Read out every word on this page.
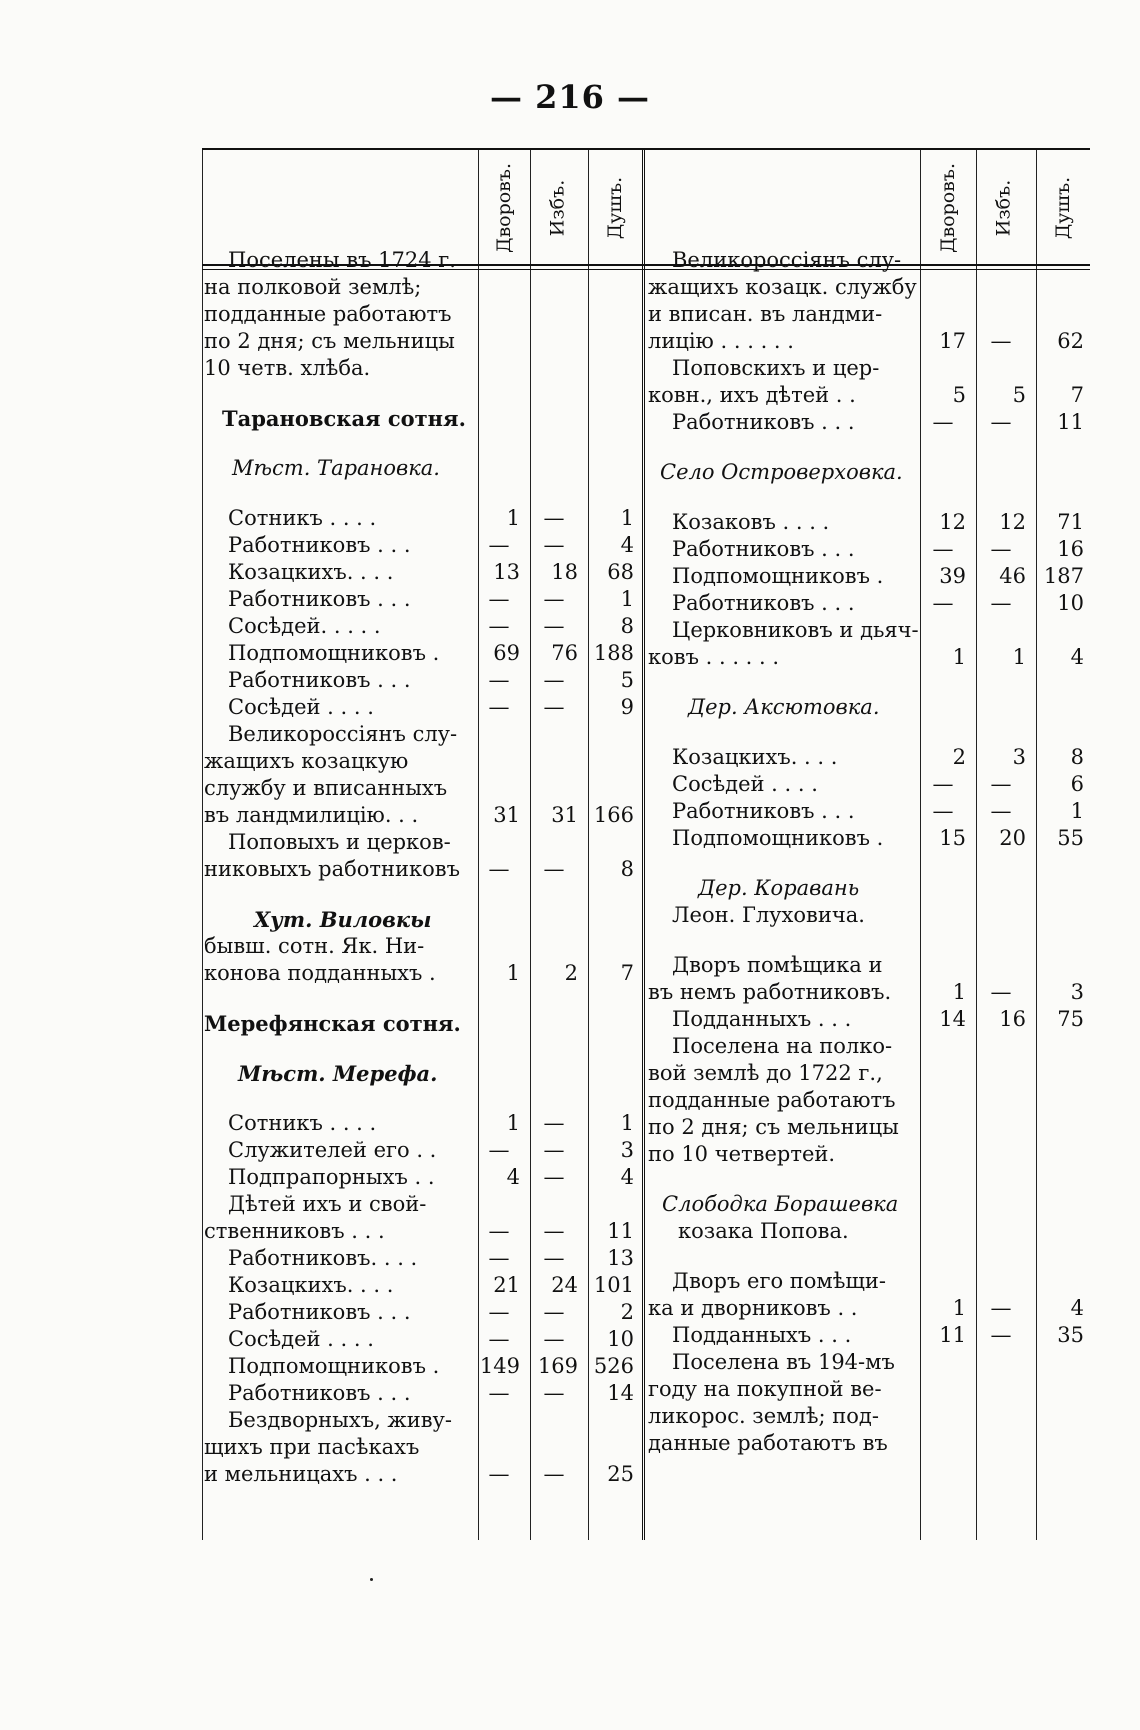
— 216 —
Дворовъ. Избъ. Душъ.	Дворовъ. Избъ. Душъ.
Поселены въ 1724 г.
на полковой землѣ;
подданные работаютъ
по 2 дня; съ мельницы
10 четв. хлѣба.
Тарановская сотня.
Мѣст. Тарановка.
Сотникъ . . . .	1	—	1
Работниковъ . . .	—	—	4
Козацкихъ. . . .	13	18	68
Работниковъ . . .	—	—	1
Сосѣдей. . . . .	—	—	8
Подпомощниковъ .	69	76 188
Работниковъ . . .	—	—	5
Сосѣдей . . . .	—	—	9
Великороссіянъ слу-
жащихъ козацкую
службу и вписанныхъ
въ ландмилицію. . .	31	31 166
Поповыхъ и церков-
никовыхъ работниковъ	—	—	8
Хут. Виловкы
бывш. сотн. Як. Ни-
конова подданныхъ .	1	2	7
Мерефянская сотня.
Мѣст. Мерефа.
Сотникъ . . . .	1	—	1
Служителей его . .	—	—	3
Подпрапорныхъ . .	4	—	4
Дѣтей ихъ и свой-
ственниковъ . . .	—	—	11
Работниковъ. . . .	—	—	13
Козацкихъ. . . .	21	24 101
Работниковъ . . .	—	—	2
Сосѣдей . . . .	—	—	10
Подпомощниковъ . 149 169 526
Работниковъ . . .	—	—	14
Бездворныхъ, живу-
щихъ при пасѣкахъ
и мельницахъ . . .	—	—	25
Великороссіянъ слу-
жащихъ козацк. службу
и вписан. въ ландми-
лицію . . . . . .	17	—	62
Поповскихъ и цер-
ковн., ихъ дѣтей . .	5	5	7
Работниковъ . . .	—	—	11
Село Островерховка.
Козаковъ . . . .	12	12	71
Работниковъ . . .	—	—	16
Подпомощниковъ .	39	46 187
Работниковъ . . .	—	—	10
Церковниковъ и дьяч-
ковъ . . . . . .	1	1	4
Дер. Аксютовка.
Козацкихъ. . . .	2	3	8
Сосѣдей . . . .	—	—	6
Работниковъ . . .	—	—	1
Подпомощниковъ .	15	20	55
Дер. Коравань
Леон. Глуховича.
Дворъ помѣщика и
въ немъ работниковъ.	1	—	3
Подданныхъ . . .	14	16	75
Поселена на полко-
вой землѣ до 1722 г.,
подданные работаютъ
по 2 дня; съ мельницы
по 10 четвертей.
Слободка Борашевка
козака Попова.
Дворъ его помѣщи-
ка и дворниковъ . .	1	—	4
Подданныхъ . . .	11	—	35
Поселена въ 194-мъ
году на покупной ве-
ликорос. землѣ; под-
данные работаютъ въ
